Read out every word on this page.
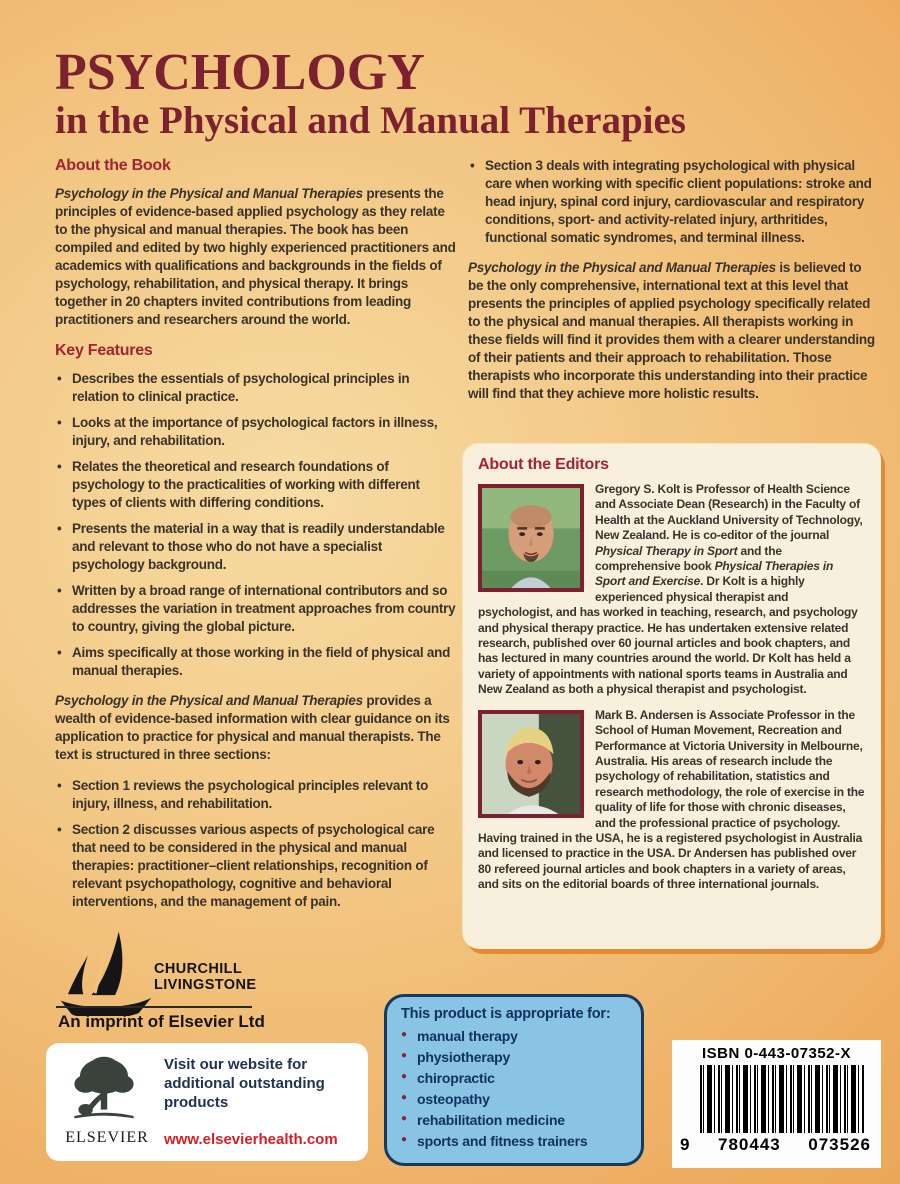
PSYCHOLOGY
in the Physical and Manual Therapies
About the Book

Psychology in the Physical and Manual Therapies presents the principles of evidence-based applied psychology as they relate to the physical and manual therapies. The book has been compiled and edited by two highly experienced practitioners and academics with qualifications and backgrounds in the fields of psychology, rehabilitation, and physical therapy. It brings together in 20 chapters invited contributions from leading practitioners and researchers around the world.

Key Features
• Describes the essentials of psychological principles in relation to clinical practice.
• Looks at the importance of psychological factors in illness, injury, and rehabilitation.
• Relates the theoretical and research foundations of psychology to the practicalities of working with different types of clients with differing conditions.
• Presents the material in a way that is readily understandable and relevant to those who do not have a specialist psychology background.
• Written by a broad range of international contributors and so addresses the variation in treatment approaches from country to country, giving the global picture.
• Aims specifically at those working in the field of physical and manual therapies.

Psychology in the Physical and Manual Therapies provides a wealth of evidence-based information with clear guidance on its application to practice for physical and manual therapists. The text is structured in three sections:

• Section 1 reviews the psychological principles relevant to injury, illness, and rehabilitation.
• Section 2 discusses various aspects of psychological care that need to be considered in the physical and manual therapies: practitioner–client relationships, recognition of relevant psychopathology, cognitive and behavioral interventions, and the management of pain.
• Section 3 deals with integrating psychological with physical care when working with specific client populations: stroke and head injury, spinal cord injury, cardiovascular and respiratory conditions, sport- and activity-related injury, arthritides, functional somatic syndromes, and terminal illness.

Psychology in the Physical and Manual Therapies is believed to be the only comprehensive, international text at this level that presents the principles of applied psychology specifically related to the physical and manual therapies. All therapists working in these fields will find it provides them with a clearer understanding of their patients and their approach to rehabilitation. Those therapists who incorporate this understanding into their practice will find that they achieve more holistic results.

About the Editors
Gregory S. Kolt is Professor of Health Science and Associate Dean (Research) in the Faculty of Health at the Auckland University of Technology, New Zealand. He is co-editor of the journal Physical Therapy in Sport and the comprehensive book Physical Therapies in Sport and Exercise. Dr Kolt is a highly experienced physical therapist and psychologist, and has worked in teaching, research, and psychology and physical therapy practice. He has undertaken extensive related research, published over 60 journal articles and book chapters, and has lectured in many countries around the world. Dr Kolt has held a variety of appointments with national sports teams in Australia and New Zealand as both a physical therapist and psychologist.
Mark B. Andersen is Associate Professor in the School of Human Movement, Recreation and Performance at Victoria University in Melbourne, Australia. His areas of research include the psychology of rehabilitation, statistics and research methodology, the role of exercise in the quality of life for those with chronic diseases, and the professional practice of psychology. Having trained in the USA, he is a registered psychologist in Australia and licensed to practice in the USA. Dr Andersen has published over 80 refereed journal articles and book chapters in a variety of areas, and sits on the editorial boards of three international journals.
CHURCHILL
LIVINGSTONE
An imprint of Elsevier Ltd
ELSEVIER
Visit our website for additional outstanding products
www.elsevierhealth.com
This product is appropriate for:
● manual therapy
● physiotherapy
● chiropractic
● osteopathy
● rehabilitation medicine
● sports and fitness trainers
ISBN 0-443-07352-X
9 780443 073526
